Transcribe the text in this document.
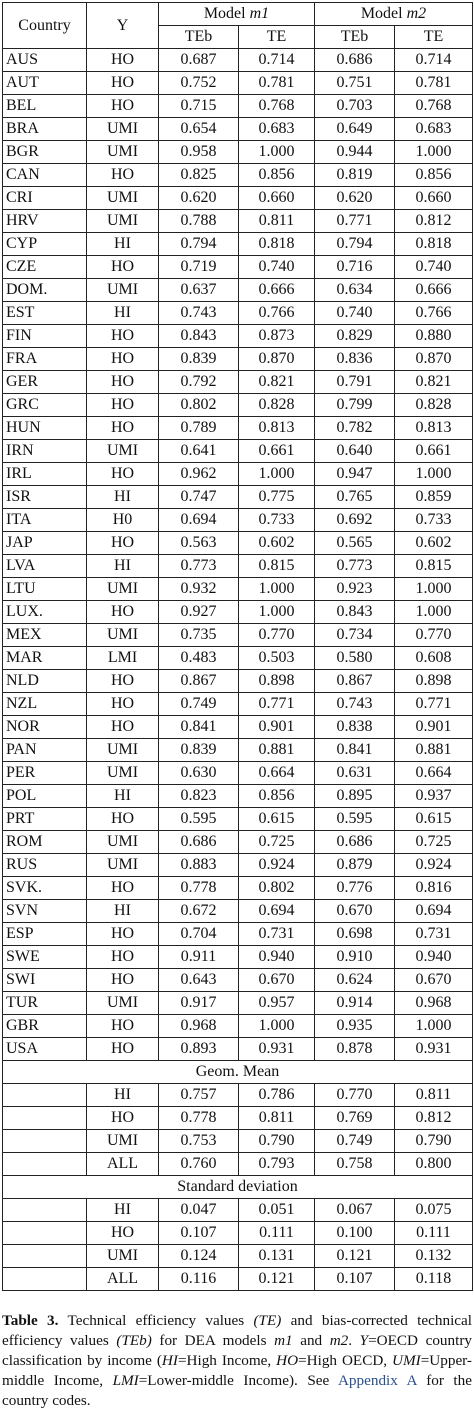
Country	Y	Model m1		Model m2	
		TEb	TE	TEb	TE
AUS	HO	0.687	0.714	0.686	0.714
AUT	HO	0.752	0.781	0.751	0.781
BEL	HO	0.715	0.768	0.703	0.768
BRA	UMI	0.654	0.683	0.649	0.683
BGR	UMI	0.958	1.000	0.944	1.000
CAN	HO	0.825	0.856	0.819	0.856
CRI	UMI	0.620	0.660	0.620	0.660
HRV	UMI	0.788	0.811	0.771	0.812
CYP	HI	0.794	0.818	0.794	0.818
CZE	HO	0.719	0.740	0.716	0.740
DOM.	UMI	0.637	0.666	0.634	0.666
EST	HI	0.743	0.766	0.740	0.766
FIN	HO	0.843	0.873	0.829	0.880
FRA	HO	0.839	0.870	0.836	0.870
GER	HO	0.792	0.821	0.791	0.821
GRC	HO	0.802	0.828	0.799	0.828
HUN	HO	0.789	0.813	0.782	0.813
IRN	UMI	0.641	0.661	0.640	0.661
IRL	HO	0.962	1.000	0.947	1.000
ISR	HI	0.747	0.775	0.765	0.859
ITA	H0	0.694	0.733	0.692	0.733
JAP	HO	0.563	0.602	0.565	0.602
LVA	HI	0.773	0.815	0.773	0.815
LTU	UMI	0.932	1.000	0.923	1.000
LUX.	HO	0.927	1.000	0.843	1.000
MEX	UMI	0.735	0.770	0.734	0.770
MAR	LMI	0.483	0.503	0.580	0.608
NLD	HO	0.867	0.898	0.867	0.898
NZL	HO	0.749	0.771	0.743	0.771
NOR	HO	0.841	0.901	0.838	0.901
PAN	UMI	0.839	0.881	0.841	0.881
PER	UMI	0.630	0.664	0.631	0.664
POL	HI	0.823	0.856	0.895	0.937
PRT	HO	0.595	0.615	0.595	0.615
ROM	UMI	0.686	0.725	0.686	0.725
RUS	UMI	0.883	0.924	0.879	0.924
SVK.	HO	0.778	0.802	0.776	0.816
SVN	HI	0.672	0.694	0.670	0.694
ESP	HO	0.704	0.731	0.698	0.731
SWE	HO	0.911	0.940	0.910	0.940
SWI	HO	0.643	0.670	0.624	0.670
TUR	UMI	0.917	0.957	0.914	0.968
GBR	HO	0.968	1.000	0.935	1.000
USA	HO	0.893	0.931	0.878	0.931
Geom. Mean					
	HI	0.757	0.786	0.770	0.811
	HO	0.778	0.811	0.769	0.812
	UMI	0.753	0.790	0.749	0.790
	ALL	0.760	0.793	0.758	0.800
Standard deviation					
	HI	0.047	0.051	0.067	0.075
	HO	0.107	0.111	0.100	0.111
	UMI	0.124	0.131	0.121	0.132
	ALL	0.116	0.121	0.107	0.118
Table 3. Technical efficiency values (TE) and bias-corrected technical efficiency values (TEb) for DEA models m1 and m2. Y=OECD country classification by income (HI=High Income, HO=High OECD, UMI=Upper-middle Income, LMI=Lower-middle Income). See Appendix A for the country codes.
